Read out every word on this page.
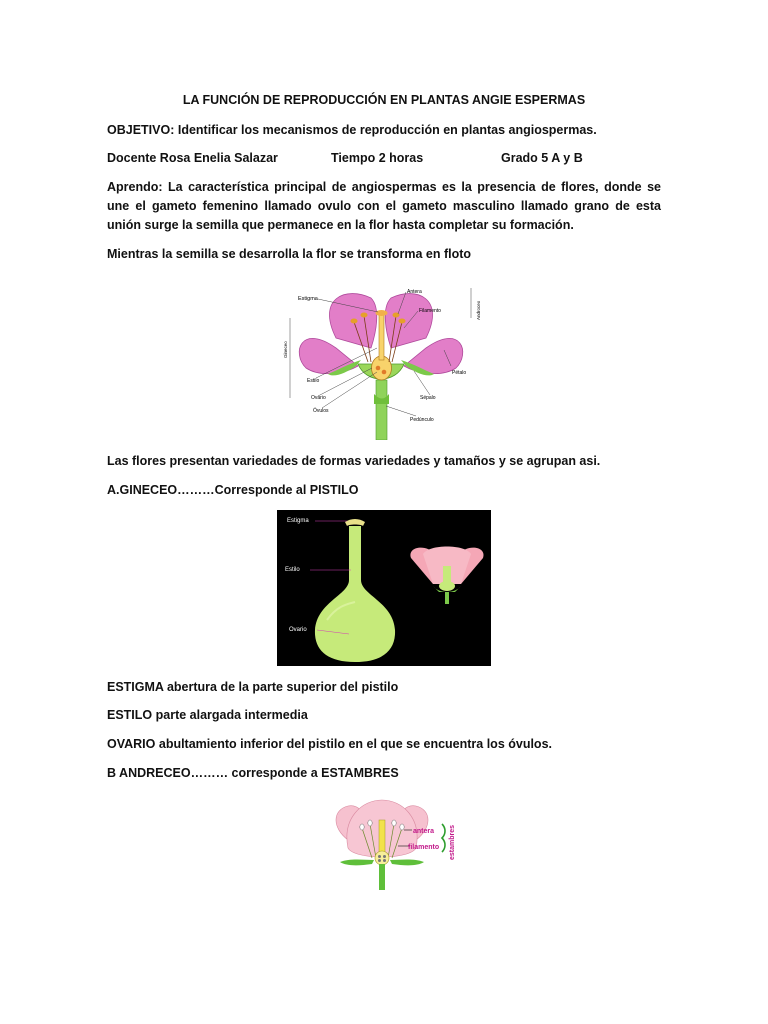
LA FUNCIÓN DE REPRODUCCIÓN EN PLANTAS ANGIE ESPERMAS
OBJETIVO: Identificar los mecanismos de reproducción en plantas angiospermas.
Docente Rosa Enelia Salazar	Tiempo 2 horas	Grado 5 A y B
Aprendo: La característica principal de angiospermas es la presencia de flores, donde se une el gameto femenino llamado ovulo con el gameto masculino llamado grano de esta unión surge la semilla que permanece en la flor hasta completar su formación.
Mientras la semilla se desarrolla la flor se transforma en floto
Estigma
Antera
Filamento	Androceo
Gineceo
Pétalo
Estilo
Ovario
Óvulos
Sépalo
Pedúnculo
Las flores presentan variedades de formas variedades y tamaños y se agrupan asi.
A.GINECEO………Corresponde al PISTILO
Estigma
Estilo
Ovario
ESTIGMA abertura de la parte superior del pistilo
ESTILO parte alargada intermedia
OVARIO abultamiento inferior del pistilo en el que se encuentra los óvulos.
B ANDRECEO……… corresponde a ESTAMBRES
antera
filamento estambres
